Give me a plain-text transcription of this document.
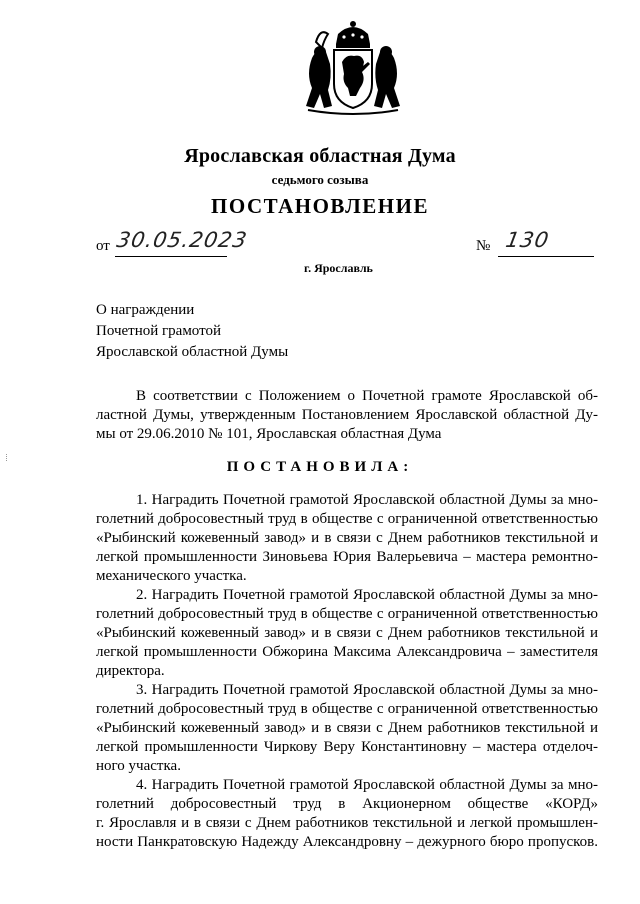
Ярославская областная Дума
седьмого созыва
ПОСТАНОВЛЕНИЕ
от 30.05.2023	№ 130
г. Ярославль
О награждении
Почетной грамотой
Ярославской областной Думы
В соответствии с Положением о Почетной грамоте Ярославской об-
ластной Думы, утвержденным Постановлением Ярославской областной Ду-
мы от 29.06.2010 № 101, Ярославская областная Дума
ПОСТАНОВИЛА:
1. Наградить Почетной грамотой Ярославской областной Думы за мно-
голетний добросовестный труд в обществе с ограниченной ответственностью
«Рыбинский кожевенный завод» и в связи с Днем работников текстильной и
легкой промышленности Зиновьева Юрия Валерьевича – мастера ремонтно-
механического участка.
2. Наградить Почетной грамотой Ярославской областной Думы за мно-
голетний добросовестный труд в обществе с ограниченной ответственностью
«Рыбинский кожевенный завод» и в связи с Днем работников текстильной и
легкой промышленности Обжорина Максима Александровича – заместителя
директора.
3. Наградить Почетной грамотой Ярославской областной Думы за мно-
голетний добросовестный труд в обществе с ограниченной ответственностью
«Рыбинский кожевенный завод» и в связи с Днем работников текстильной и
легкой промышленности Чиркову Веру Константиновну – мастера отделоч-
ного участка.
4. Наградить Почетной грамотой Ярославской областной Думы за мно-
голетний добросовестный труд в Акционерном обществе «КОРД»
г. Ярославля и в связи с Днем работников текстильной и легкой промышлен-
ности Панкратовскую Надежду Александровну – дежурного бюро пропусков.
